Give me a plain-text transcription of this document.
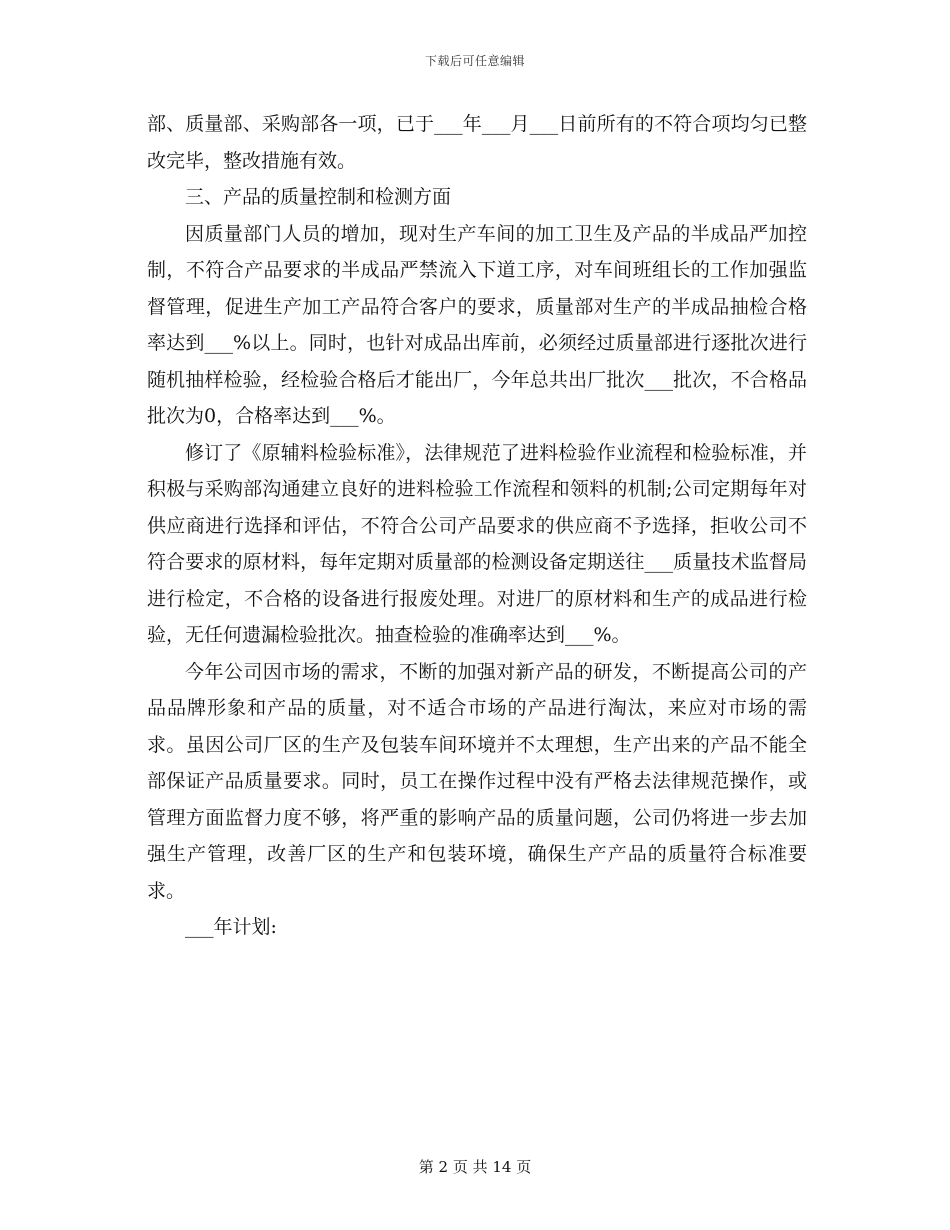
下载后可任意编辑

部、质量部、采购部各一项，已于___年___月___日前所有的不符合项均匀已整改完毕，整改措施有效。

三、产品的质量控制和检测方面

因质量部门人员的增加，现对生产车间的加工卫生及产品的半成品严加控制，不符合产品要求的半成品严禁流入下道工序，对车间班组长的工作加强监督管理，促进生产加工产品符合客户的要求，质量部对生产的半成品抽检合格率达到___%以上。同时，也针对成品出库前，必须经过质量部进行逐批次进行随机抽样检验，经检验合格后才能出厂，今年总共出厂批次___批次，不合格品批次为0，合格率达到___%。

修订了《原辅料检验标准》，法律规范了进料检验作业流程和检验标准，并积极与采购部沟通建立良好的进料检验工作流程和领料的机制;公司定期每年对供应商进行选择和评估，不符合公司产品要求的供应商不予选择，拒收公司不符合要求的原材料，每年定期对质量部的检测设备定期送往___质量技术监督局进行检定，不合格的设备进行报废处理。对进厂的原材料和生产的成品进行检验，无任何遗漏检验批次。抽查检验的准确率达到___%。

今年公司因市场的需求，不断的加强对新产品的研发，不断提高公司的产品品牌形象和产品的质量，对不适合市场的产品进行淘汰，来应对市场的需求。虽因公司厂区的生产及包装车间环境并不太理想，生产出来的产品不能全部保证产品质量要求。同时，员工在操作过程中没有严格去法律规范操作，或管理方面监督力度不够，将严重的影响产品的质量问题，公司仍将进一步去加强生产管理，改善厂区的生产和包装环境，确保生产产品的质量符合标准要求。

___年计划:

第 2 页 共 14 页
